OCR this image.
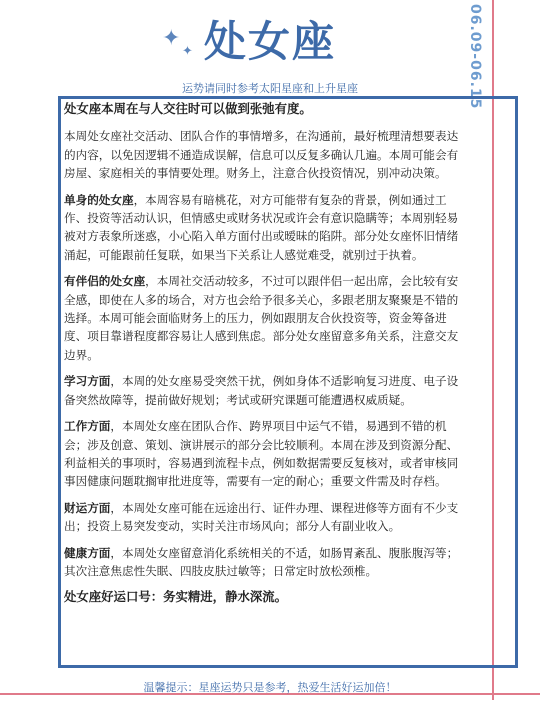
✦
✦ 处女座
运势请同时参考太阳星座和上升星座	06.09-06.15

处女座本周在与人交往时可以做到张弛有度。

本周处女座社交活动、团队合作的事情增多，在沟通前，最好梳理清想要表达的内容，以免因逻辑不通造成误解，信息可以反复多确认几遍。本周可能会有房屋、家庭相关的事情要处理。财务上，注意合伙投资情况，别冲动决策。

单身的处女座，本周容易有暗桃花，对方可能带有复杂的背景，例如通过工作、投资等活动认识，但情感史或财务状况或许会有意识隐瞒等；本周别轻易被对方表象所迷惑，小心陷入单方面付出或暧昧的陷阱。部分处女座怀旧情绪涌起，可能跟前任复联，如果当下关系让人感觉难受，就别过于执着。

有伴侣的处女座，本周社交活动较多，不过可以跟伴侣一起出席，会比较有安全感，即使在人多的场合，对方也会给予很多关心，多跟老朋友聚聚是不错的选择。本周可能会面临财务上的压力，例如跟朋友合伙投资等，资金筹备进度、项目靠谱程度都容易让人感到焦虑。部分处女座留意多角关系，注意交友边界。

学习方面，本周的处女座易受突然干扰，例如身体不适影响复习进度、电子设备突然故障等，提前做好规划；考试或研究课题可能遭遇权威质疑。

工作方面，本周处女座在团队合作、跨界项目中运气不错，易遇到不错的机会；涉及创意、策划、演讲展示的部分会比较顺利。本周在涉及到资源分配、利益相关的事项时，容易遇到流程卡点，例如数据需要反复核对，或者审核同事因健康问题耽搁审批进度等，需要有一定的耐心；重要文件需及时存档。

财运方面，本周处女座可能在远途出行、证件办理、课程进修等方面有不少支出；投资上易突发变动，实时关注市场风向；部分人有副业收入。

健康方面，本周处女座留意消化系统相关的不适，如肠胃紊乱、腹胀腹泻等；其次注意焦虑性失眠、四肢皮肤过敏等；日常定时放松颈椎。

处女座好运口号：务实精进，静水深流。

温馨提示：星座运势只是参考，热爱生活好运加倍！
